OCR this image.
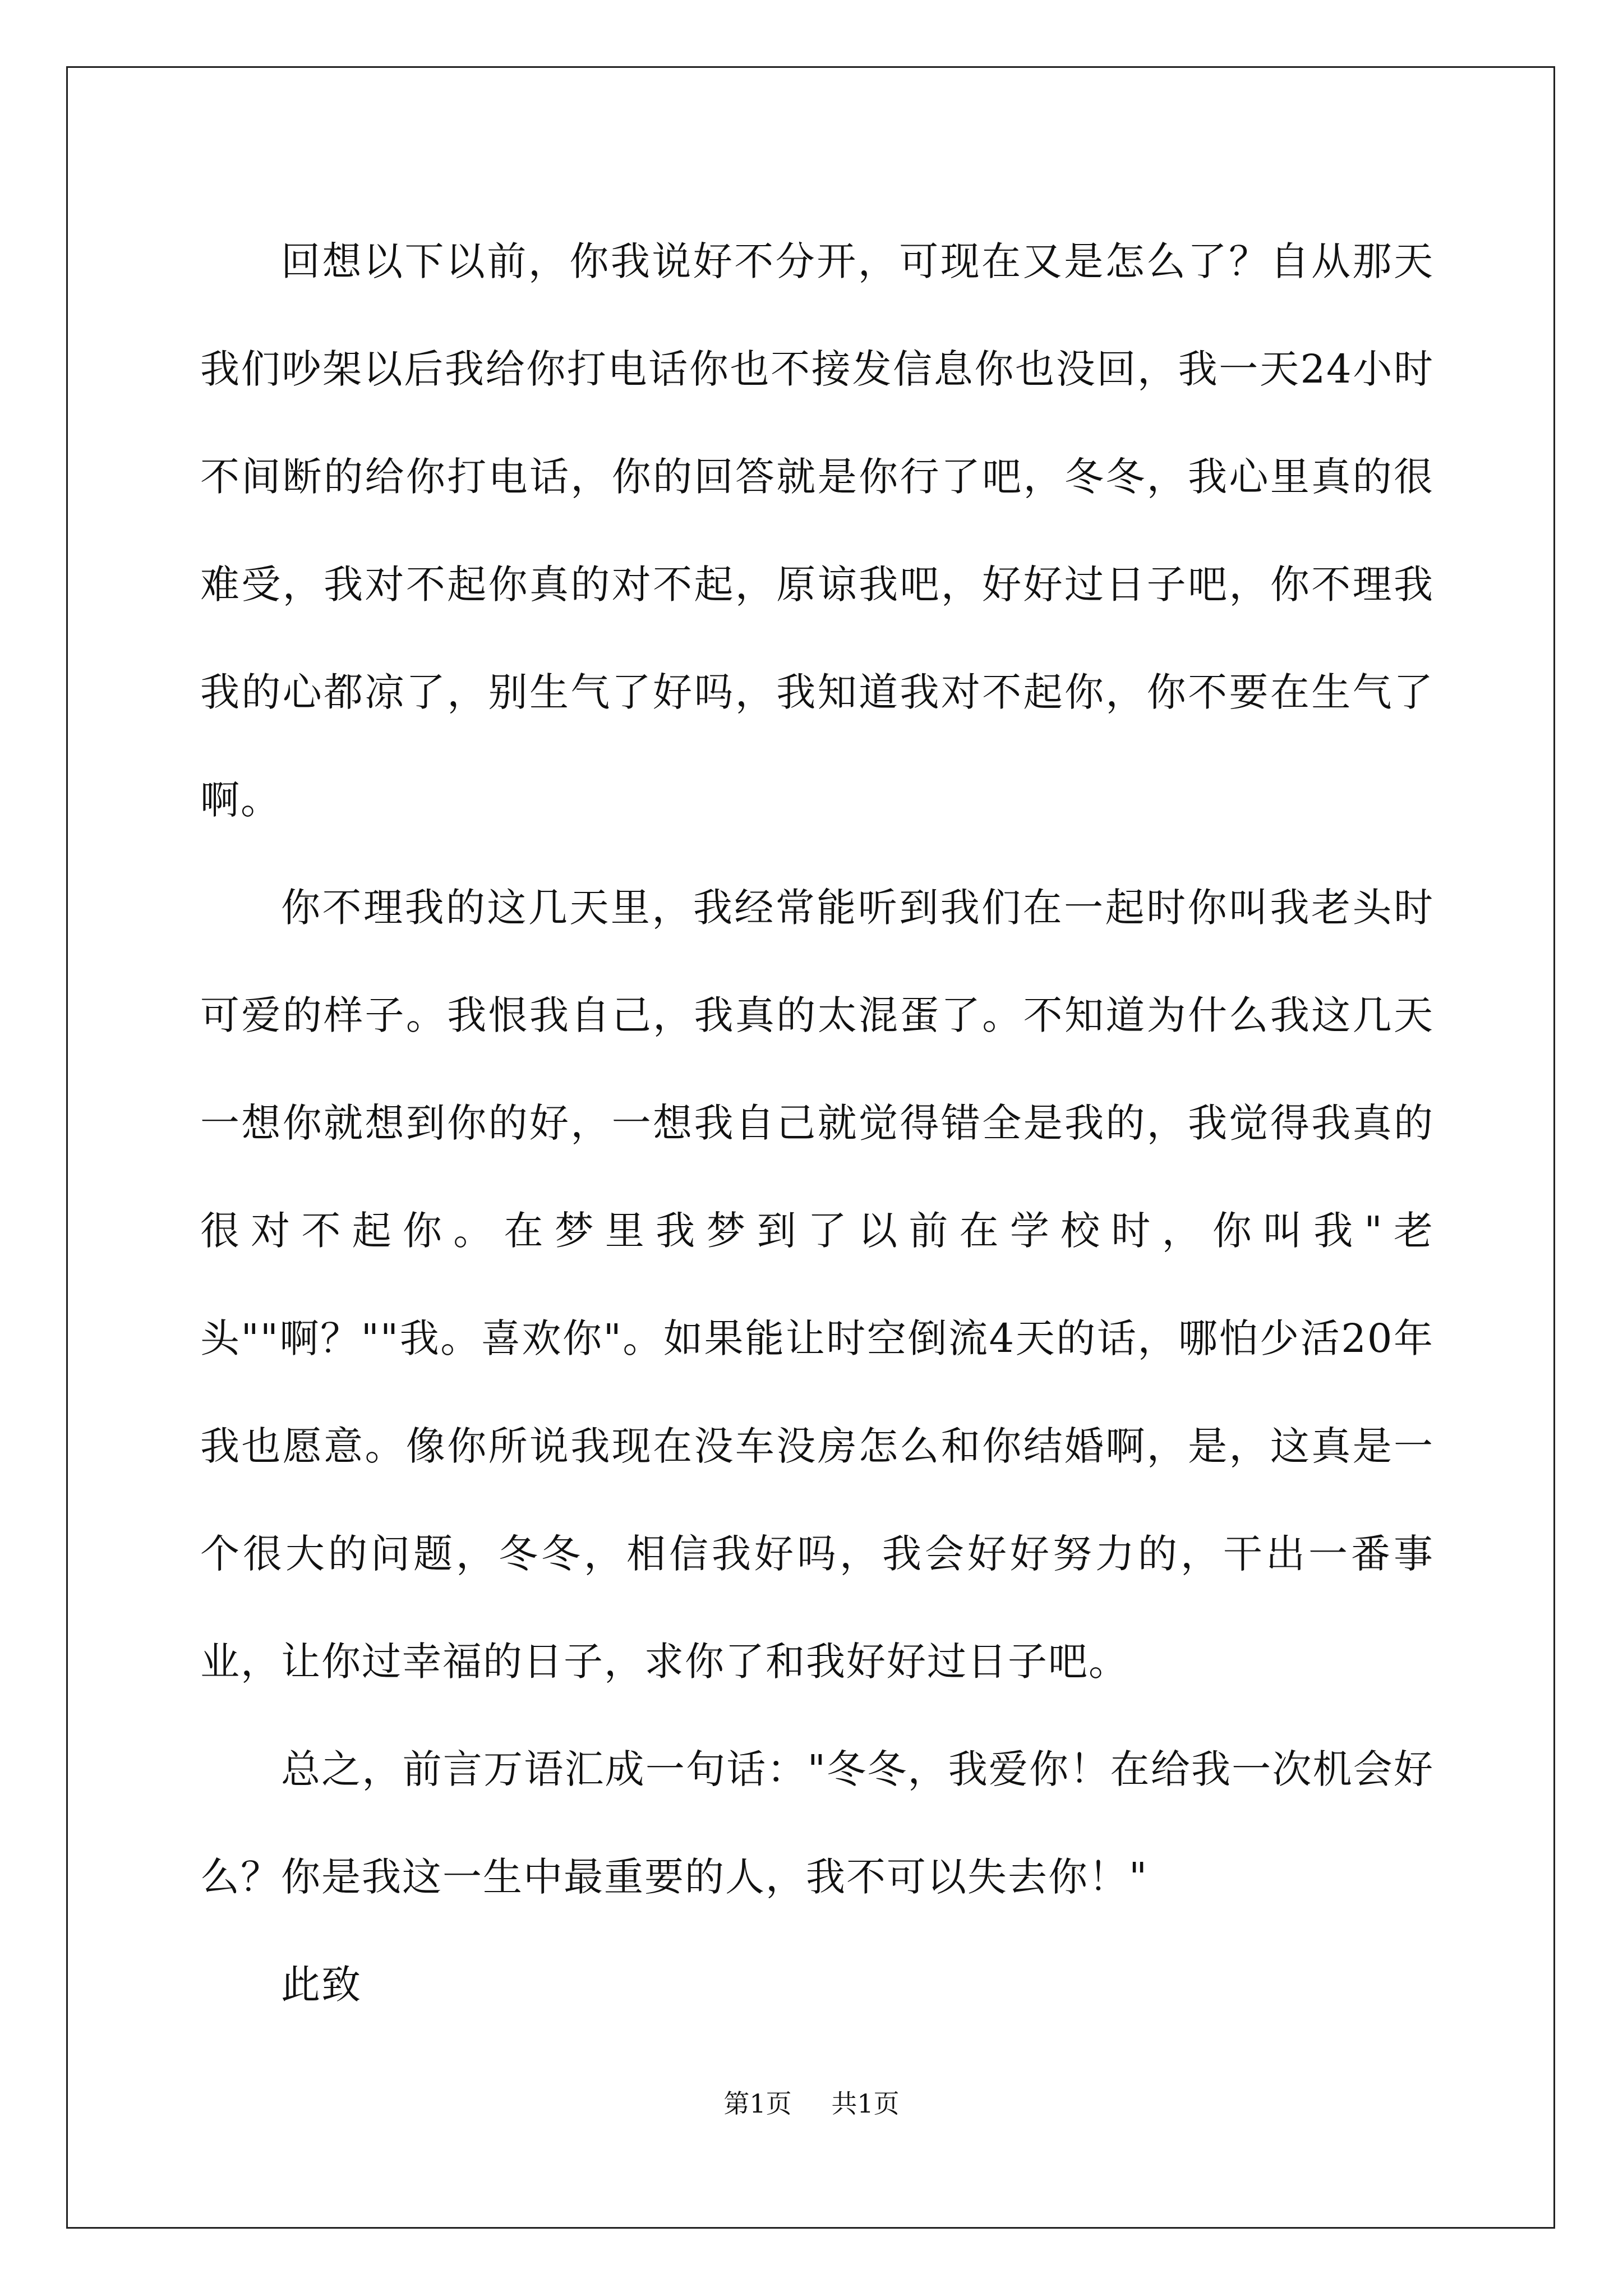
回想以下以前，你我说好不分开，可现在又是怎么了？自从那天我们吵架以后我给你打电话你也不接发信息你也没回，我一天24小时不间断的给你打电话，你的回答就是你行了吧，冬冬，我心里真的很难受，我对不起你真的对不起，原谅我吧，好好过日子吧，你不理我我的心都凉了，别生气了好吗，我知道我对不起你，你不要在生气了啊。

你不理我的这几天里，我经常能听到我们在一起时你叫我老头时可爱的样子。我恨我自己，我真的太混蛋了。不知道为什么我这几天一想你就想到你的好，一想我自己就觉得错全是我的，我觉得我真的很对不起你。在梦里我梦到了以前在学校时，你叫我"老头""啊？""我。喜欢你"。如果能让时空倒流4天的话，哪怕少活20年我也愿意。像你所说我现在没车没房怎么和你结婚啊，是，这真是一个很大的问题，冬冬，相信我好吗，我会好好努力的，干出一番事业，让你过幸福的日子，求你了和我好好过日子吧。

总之，前言万语汇成一句话："冬冬，我爱你！在给我一次机会好么？你是我这一生中最重要的人，我不可以失去你！"

此致

第1页 共1页
